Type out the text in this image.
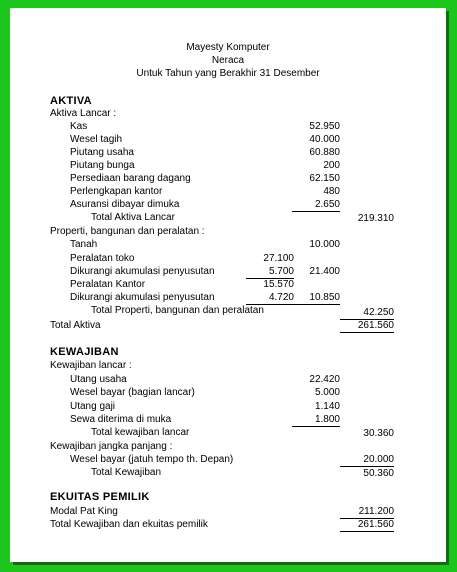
Mayesty Komputer
Neraca
Untuk Tahun yang Berakhir 31 Desember
AKTIVA
Aktiva Lancar :
Kas	52.950
Wesel tagih	40.000
Piutang usaha	60.880
Piutang bunga	200
Persediaan barang dagang	62.150
Perlengkapan kantor	480
Asuransi dibayar dimuka	2.650
Total Aktiva Lancar	219.310
Properti, bangunan dan peralatan :
Tanah	10.000
Peralatan toko	27.100
Dikurangi akumulasi penyusutan	5.700	21.400
Peralatan Kantor	15.570
Dikurangi akumulasi penyusutan	4.720	10.850
Total Properti, bangunan dan peralatan	42.250
Total Aktiva	261.560
KEWAJIBAN
Kewajiban lancar :
Utang usaha	22.420
Wesel bayar (bagian lancar)	5.000
Utang gaji	1.140
Sewa diterima di muka	1.800
Total kewajiban lancar	30.360
Kewajiban jangka panjang :
Wesel bayar (jatuh tempo th. Depan)	20.000
Total Kewajiban	50.360
EKUITAS PEMILIK
Modal Pat King	211.200
Total Kewajiban dan ekuitas pemilik	261.560
